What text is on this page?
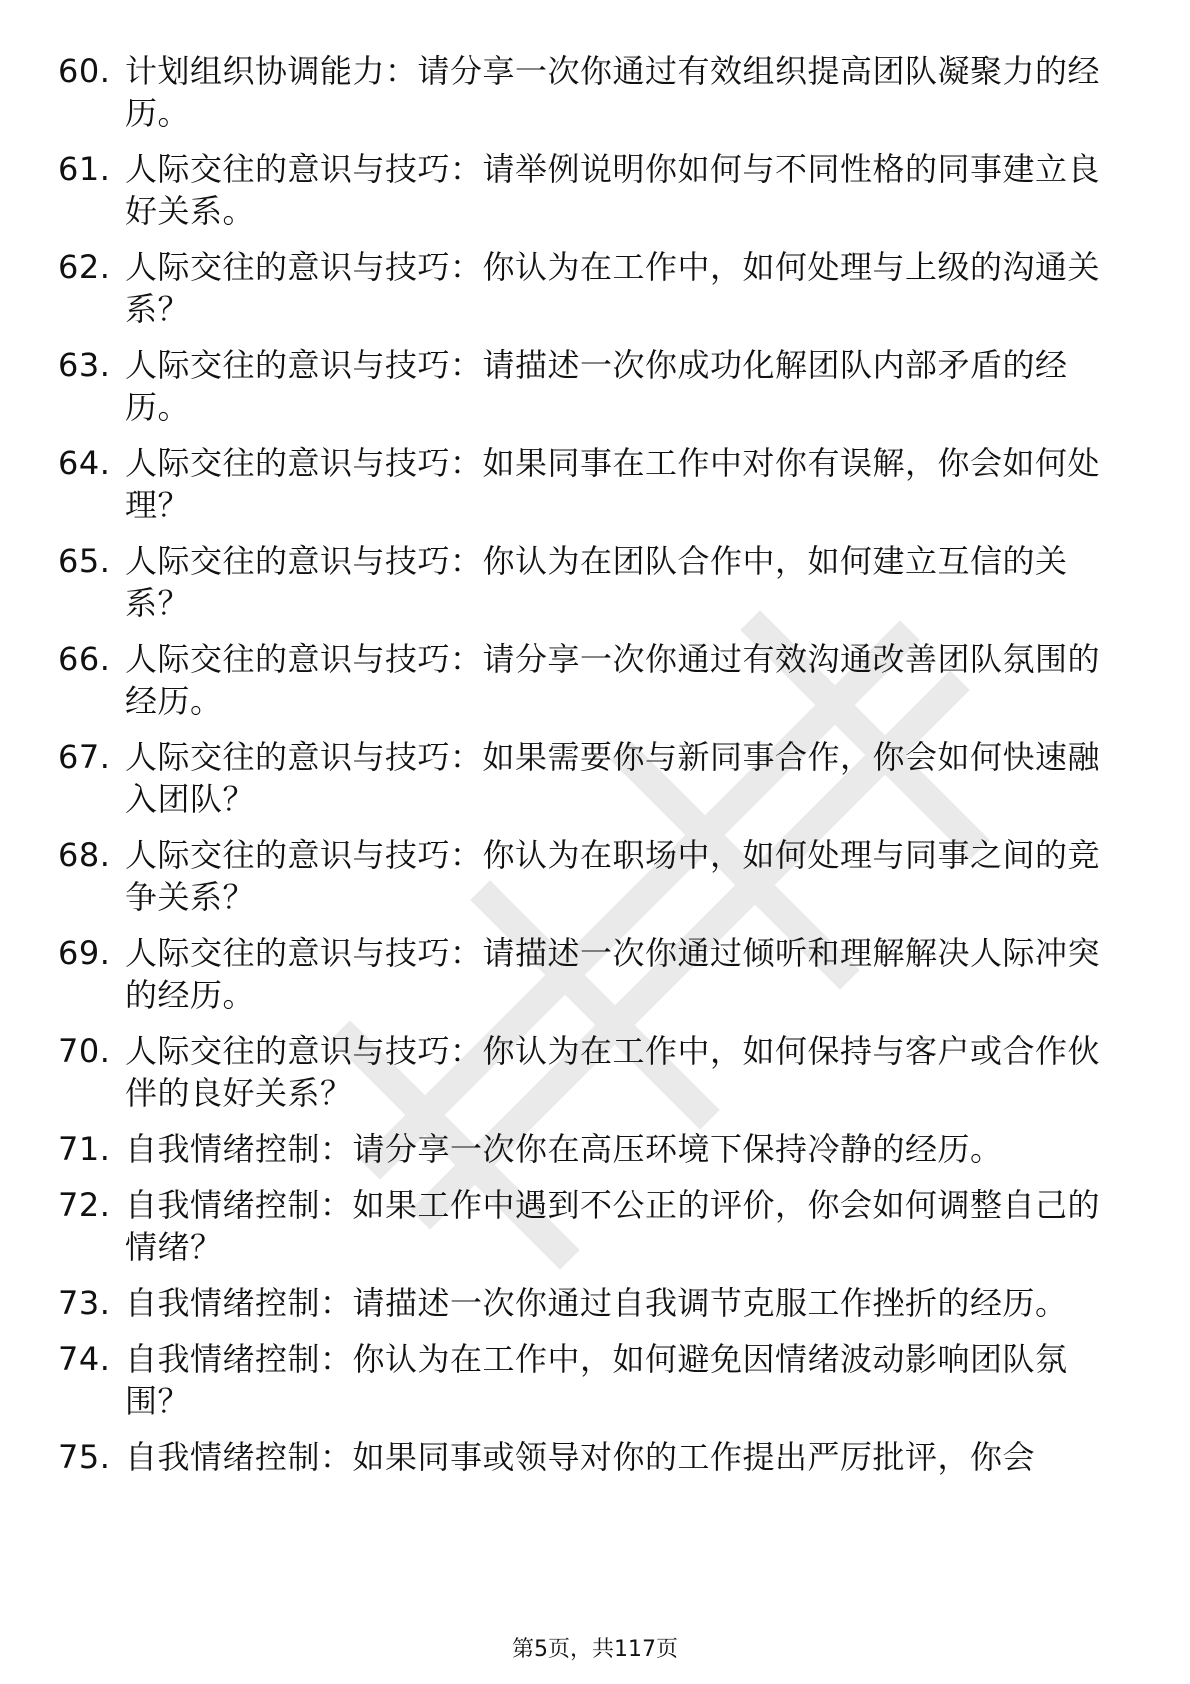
60. 计划组织协调能力：请分享一次你通过有效组织提高团队凝聚力的经历。
61. 人际交往的意识与技巧：请举例说明你如何与不同性格的同事建立良好关系。
62. 人际交往的意识与技巧：你认为在工作中，如何处理与上级的沟通关系？
63. 人际交往的意识与技巧：请描述一次你成功化解团队内部矛盾的经历。
64. 人际交往的意识与技巧：如果同事在工作中对你有误解，你会如何处理？
65. 人际交往的意识与技巧：你认为在团队合作中，如何建立互信的关系？
66. 人际交往的意识与技巧：请分享一次你通过有效沟通改善团队氛围的经历。
67. 人际交往的意识与技巧：如果需要你与新同事合作，你会如何快速融入团队？
68. 人际交往的意识与技巧：你认为在职场中，如何处理与同事之间的竞争关系？
69. 人际交往的意识与技巧：请描述一次你通过倾听和理解解决人际冲突的经历。
70. 人际交往的意识与技巧：你认为在工作中，如何保持与客户或合作伙伴的良好关系？
71. 自我情绪控制：请分享一次你在高压环境下保持冷静的经历。
72. 自我情绪控制：如果工作中遇到不公正的评价，你会如何调整自己的情绪？
73. 自我情绪控制：请描述一次你通过自我调节克服工作挫折的经历。
74. 自我情绪控制：你认为在工作中，如何避免因情绪波动影响团队氛围？
75. 自我情绪控制：如果同事或领导对你的工作提出严厉批评，你会
第5页，共117页
